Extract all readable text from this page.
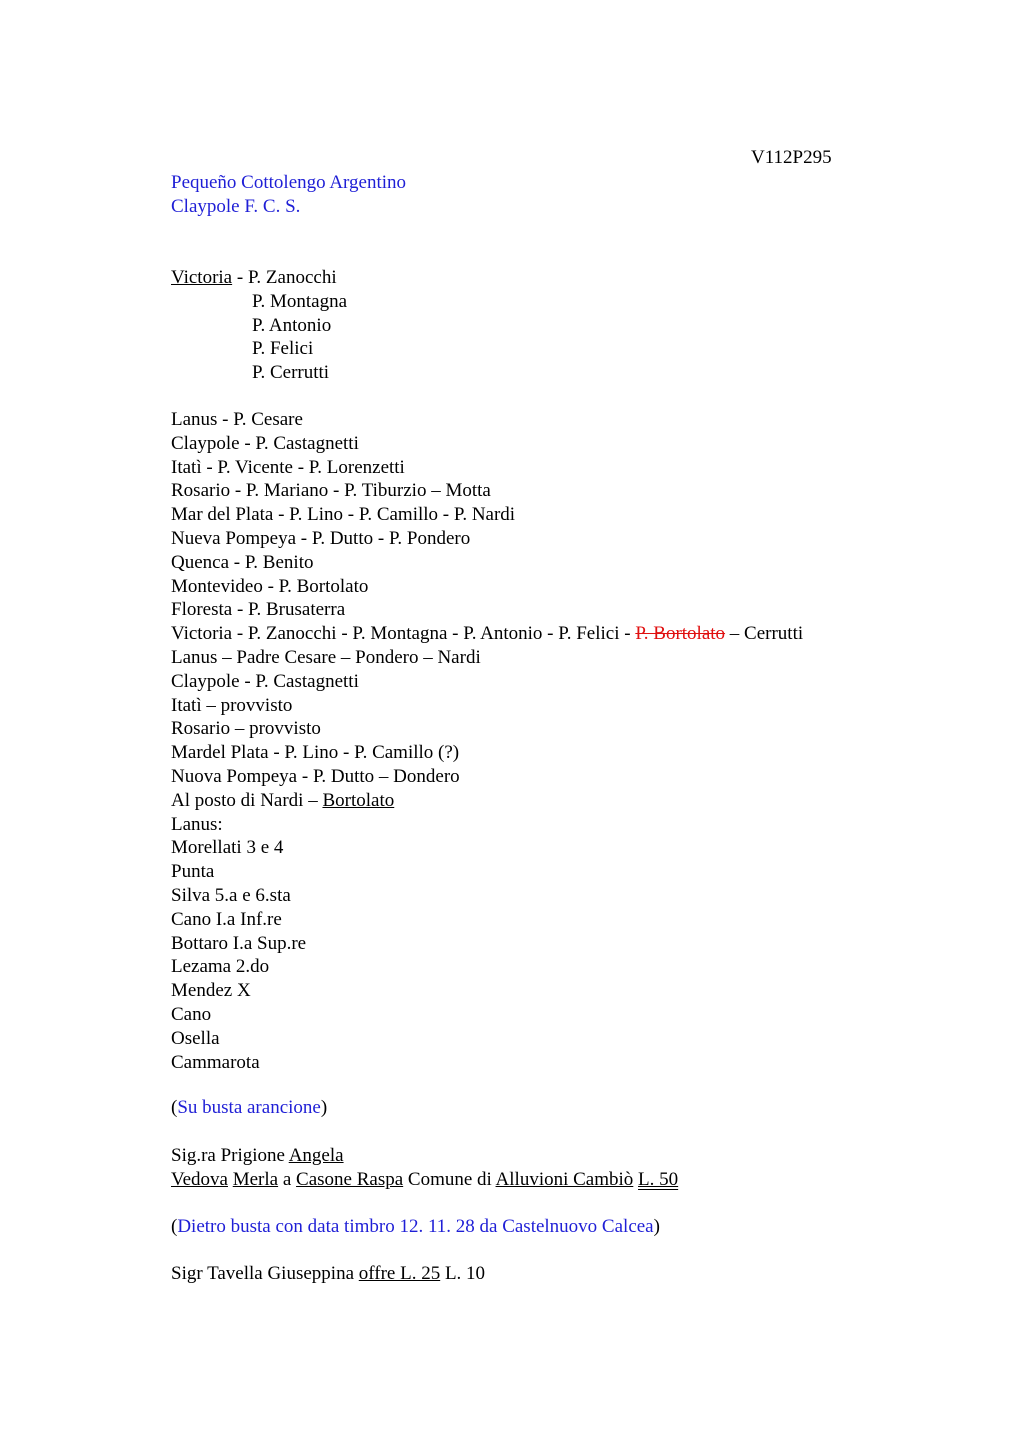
V112P295
Pequeño Cottolengo Argentino
Claypole F. C. S.
Victoria - P. Zanocchi
P. Montagna
P. Antonio
P. Felici
P. Cerrutti
Lanus - P. Cesare
Claypole - P. Castagnetti
Itatì - P. Vicente - P. Lorenzetti
Rosario - P. Mariano - P. Tiburzio – Motta
Mar del Plata - P. Lino - P. Camillo - P. Nardi
Nueva Pompeya - P. Dutto - P. Pondero
Quenca - P. Benito
Montevideo - P. Bortolato
Floresta - P. Brusaterra
Victoria - P. Zanocchi - P. Montagna - P. Antonio - P. Felici - P. Bortolato – Cerrutti
Lanus – Padre Cesare – Pondero – Nardi
Claypole - P. Castagnetti
Itatì – provvisto
Rosario – provvisto
Mardel Plata - P. Lino - P. Camillo (?)
Nuova Pompeya - P. Dutto – Dondero
Al posto di Nardi – Bortolato
Lanus:
Morellati 3 e 4
Punta
Silva 5.a e 6.sta
Cano I.a Inf.re
Bottaro I.a Sup.re
Lezama 2.do
Mendez X
Cano
Osella
Cammarota
(Su busta arancione)
Sig.ra Prigione Angela
Vedova Merla a Casone Raspa Comune di Alluvioni Cambiò L. 50
(Dietro busta con data timbro 12. 11. 28 da Castelnuovo Calcea)
Sigr Tavella Giuseppina offre L. 25 L. 10
